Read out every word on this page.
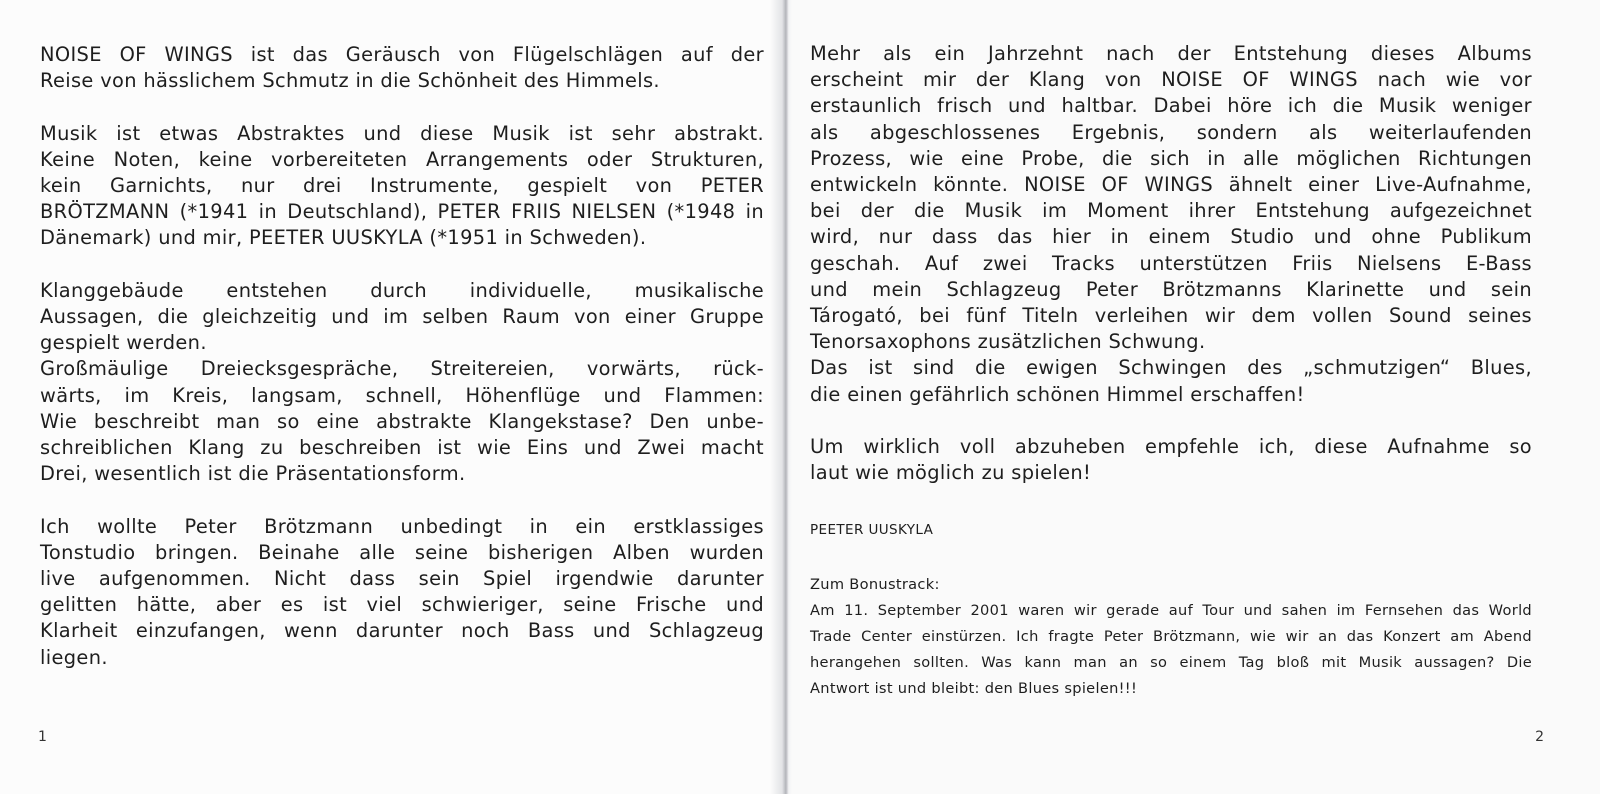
NOISE OF WINGS ist das Geräusch von Flügelschlägen auf der
Reise von hässlichem Schmutz in die Schönheit des Himmels.

Musik ist etwas Abstraktes und diese Musik ist sehr abstrakt.
Keine Noten, keine vorbereiteten Arrangements oder Strukturen,
kein Garnichts, nur drei Instrumente, gespielt von PETER
BRÖTZMANN (*1941 in Deutschland), PETER FRIIS NIELSEN (*1948 in
Dänemark) und mir, PEETER UUSKYLA (*1951 in Schweden).

Klanggebäude entstehen durch individuelle, musikalische
Aussagen, die gleichzeitig und im selben Raum von einer Gruppe
gespielt werden.
Großmäulige Dreiecksgespräche, Streitereien, vorwärts, rück-
wärts, im Kreis, langsam, schnell, Höhenflüge und Flammen:
Wie beschreibt man so eine abstrakte Klangekstase? Den unbe-
schreiblichen Klang zu beschreiben ist wie Eins und Zwei macht
Drei, wesentlich ist die Präsentationsform.

Ich wollte Peter Brötzmann unbedingt in ein erstklassiges
Tonstudio bringen. Beinahe alle seine bisherigen Alben wurden
live aufgenommen. Nicht dass sein Spiel irgendwie darunter
gelitten hätte, aber es ist viel schwieriger, seine Frische und
Klarheit einzufangen, wenn darunter noch Bass und Schlagzeug
liegen.

1

Mehr als ein Jahrzehnt nach der Entstehung dieses Albums
erscheint mir der Klang von NOISE OF WINGS nach wie vor
erstaunlich frisch und haltbar. Dabei höre ich die Musik weniger
als abgeschlossenes Ergebnis, sondern als weiterlaufenden
Prozess, wie eine Probe, die sich in alle möglichen Richtungen
entwickeln könnte. NOISE OF WINGS ähnelt einer Live-Aufnahme,
bei der die Musik im Moment ihrer Entstehung aufgezeichnet
wird, nur dass das hier in einem Studio und ohne Publikum
geschah. Auf zwei Tracks unterstützen Friis Nielsens E-Bass
und mein Schlagzeug Peter Brötzmanns Klarinette und sein
Tárogató, bei fünf Titeln verleihen wir dem vollen Sound seines
Tenorsaxophons zusätzlichen Schwung.
Das ist sind die ewigen Schwingen des „schmutzigen“ Blues,
die einen gefährlich schönen Himmel erschaffen!

Um wirklich voll abzuheben empfehle ich, diese Aufnahme so
laut wie möglich zu spielen!

PEETER UUSKYLA
Zum Bonustrack:
Am 11. September 2001 waren wir gerade auf Tour und sahen im Fernsehen das World
Trade Center einstürzen. Ich fragte Peter Brötzmann, wie wir an das Konzert am Abend
herangehen sollten. Was kann man an so einem Tag bloß mit Musik aussagen? Die
Antwort ist und bleibt: den Blues spielen!!!
2
